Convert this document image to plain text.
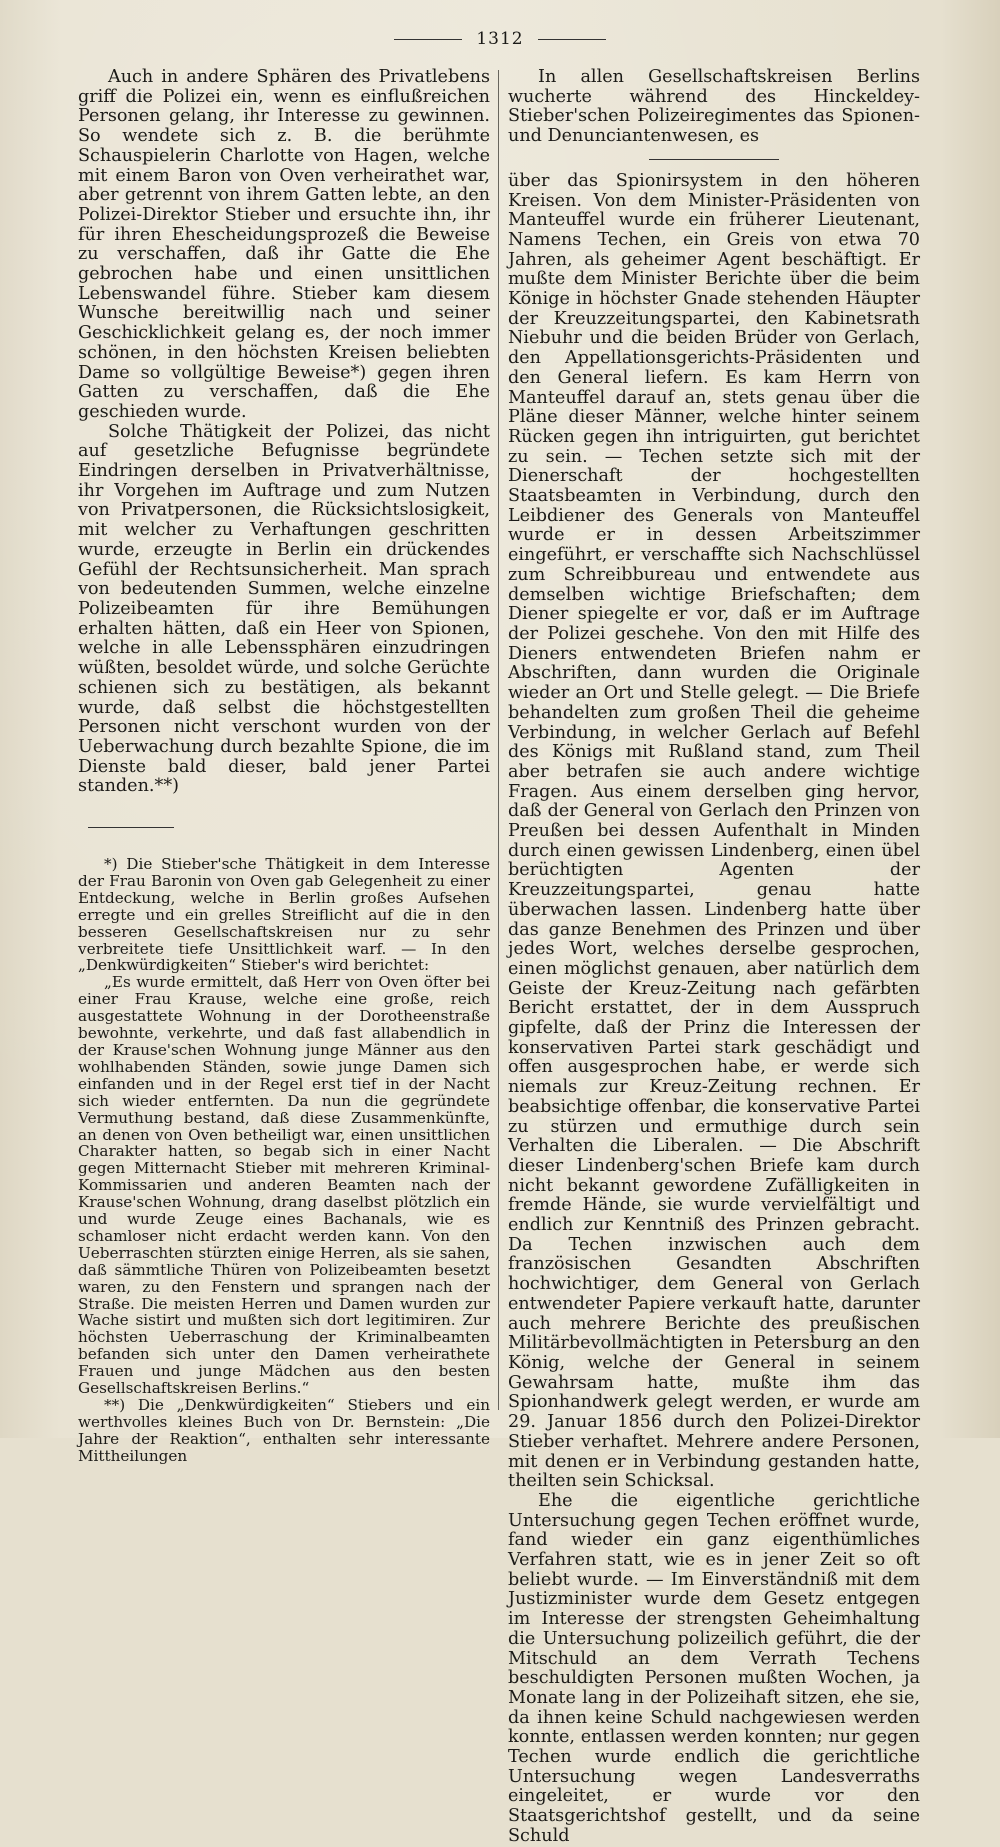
1312

Auch in andere Sphären des Privatlebens griff die Polizei ein, wenn es einflußreichen Personen gelang, ihr Interesse zu gewinnen. So wendete sich z. B. die berühmte Schauspielerin Charlotte von Hagen, welche mit einem Baron von Oven verheirathet war, aber getrennt von ihrem Gatten lebte, an den Polizei-Direktor Stieber und ersuchte ihn, ihr für ihren Ehescheidungsprozeß die Beweise zu verschaffen, daß ihr Gatte die Ehe gebrochen habe und einen unsittlichen Lebenswandel führe. Stieber kam diesem Wunsche bereitwillig nach und seiner Geschicklichkeit gelang es, der noch immer schönen, in den höchsten Kreisen beliebten Dame so vollgültige Beweise*) gegen ihren Gatten zu verschaffen, daß die Ehe geschieden wurde.

Solche Thätigkeit der Polizei, das nicht auf gesetzliche Befugnisse begründete Eindringen derselben in Privatverhältnisse, ihr Vorgehen im Auftrage und zum Nutzen von Privatpersonen, die Rücksichtslosigkeit, mit welcher zu Verhaftungen geschritten wurde, erzeugte in Berlin ein drückendes Gefühl der Rechtsunsicherheit. Man sprach von bedeutenden Summen, welche einzelne Polizeibeamten für ihre Bemühungen erhalten hätten, daß ein Heer von Spionen, welche in alle Lebenssphären einzudringen wüßten, besoldet würde, und solche Gerüchte schienen sich zu bestätigen, als bekannt wurde, daß selbst die höchstgestellten Personen nicht verschont wurden von der Ueberwachung durch bezahlte Spione, die im Dienste bald dieser, bald jener Partei standen.**)

*) Die Stieber'sche Thätigkeit in dem Interesse der Frau Baronin von Oven gab Gelegenheit zu einer Entdeckung, welche in Berlin großes Aufsehen erregte und ein grelles Streiflicht auf die in den besseren Gesellschaftskreisen nur zu sehr verbreitete tiefe Unsittlichkeit warf. — In den „Denkwürdigkeiten“ Stieber's wird berichtet:

„Es wurde ermittelt, daß Herr von Oven öfter bei einer Frau Krause, welche eine große, reich ausgestattete Wohnung in der Dorotheenstraße bewohnte, verkehrte, und daß fast allabendlich in der Krause'schen Wohnung junge Männer aus den wohlhabenden Ständen, sowie junge Damen sich einfanden und in der Regel erst tief in der Nacht sich wieder entfernten. Da nun die gegründete Vermuthung bestand, daß diese Zusammenkünfte, an denen von Oven betheiligt war, einen unsittlichen Charakter hatten, so begab sich in einer Nacht gegen Mitternacht Stieber mit mehreren Kriminal-Kommissarien und anderen Beamten nach der Krause'schen Wohnung, drang daselbst plötzlich ein und wurde Zeuge eines Bachanals, wie es schamloser nicht erdacht werden kann. Von den Ueberraschten stürzten einige Herren, als sie sahen, daß sämmtliche Thüren von Polizeibeamten besetzt waren, zu den Fenstern und sprangen nach der Straße. Die meisten Herren und Damen wurden zur Wache sistirt und mußten sich dort legitimiren. Zur höchsten Ueberraschung der Kriminalbeamten befanden sich unter den Damen verheirathete Frauen und junge Mädchen aus den besten Gesellschaftskreisen Berlins.“

**) Die „Denkwürdigkeiten“ Stiebers und ein werthvolles kleines Buch von Dr. Bernstein: „Die Jahre der Reaktion“, enthalten sehr interessante Mittheilungen

In allen Gesellschaftskreisen Berlins wucherte während des Hinckeldey-Stieber'schen Polizeiregimentes das Spionen- und Denunciantenwesen, es

über das Spionirsystem in den höheren Kreisen. Von dem Minister-Präsidenten von Manteuffel wurde ein früherer Lieutenant, Namens Techen, ein Greis von etwa 70 Jahren, als geheimer Agent beschäftigt. Er mußte dem Minister Berichte über die beim Könige in höchster Gnade stehenden Häupter der Kreuzzeitungspartei, den Kabinetsrath Niebuhr und die beiden Brüder von Gerlach, den Appellationsgerichts-Präsidenten und den General liefern. Es kam Herrn von Manteuffel darauf an, stets genau über die Pläne dieser Männer, welche hinter seinem Rücken gegen ihn intriguirten, gut berichtet zu sein. — Techen setzte sich mit der Dienerschaft der hochgestellten Staatsbeamten in Verbindung, durch den Leibdiener des Generals von Manteuffel wurde er in dessen Arbeitszimmer eingeführt, er verschaffte sich Nachschlüssel zum Schreibbureau und entwendete aus demselben wichtige Briefschaften; dem Diener spiegelte er vor, daß er im Auftrage der Polizei geschehe. Von den mit Hilfe des Dieners entwendeten Briefen nahm er Abschriften, dann wurden die Originale wieder an Ort und Stelle gelegt. — Die Briefe behandelten zum großen Theil die geheime Verbindung, in welcher Gerlach auf Befehl des Königs mit Rußland stand, zum Theil aber betrafen sie auch andere wichtige Fragen. Aus einem derselben ging hervor, daß der General von Gerlach den Prinzen von Preußen bei dessen Aufenthalt in Minden durch einen gewissen Lindenberg, einen übel berüchtigten Agenten der Kreuzzeitungspartei, genau hatte überwachen lassen. Lindenberg hatte über das ganze Benehmen des Prinzen und über jedes Wort, welches derselbe gesprochen, einen möglichst genauen, aber natürlich dem Geiste der Kreuz-Zeitung nach gefärbten Bericht erstattet, der in dem Ausspruch gipfelte, daß der Prinz die Interessen der konservativen Partei stark geschädigt und offen ausgesprochen habe, er werde sich niemals zur Kreuz-Zeitung rechnen. Er beabsichtige offenbar, die konservative Partei zu stürzen und ermuthige durch sein Verhalten die Liberalen. — Die Abschrift dieser Lindenberg'schen Briefe kam durch nicht bekannt gewordene Zufälligkeiten in fremde Hände, sie wurde vervielfältigt und endlich zur Kenntniß des Prinzen gebracht. Da Techen inzwischen auch dem französischen Gesandten Abschriften hochwichtiger, dem General von Gerlach entwendeter Papiere verkauft hatte, darunter auch mehrere Berichte des preußischen Militärbevollmächtigten in Petersburg an den König, welche der General in seinem Gewahrsam hatte, mußte ihm das Spionhandwerk gelegt werden, er wurde am 29. Januar 1856 durch den Polizei-Direktor Stieber verhaftet. Mehrere andere Personen, mit denen er in Verbindung gestanden hatte, theilten sein Schicksal.

Ehe die eigentliche gerichtliche Untersuchung gegen Techen eröffnet wurde, fand wieder ein ganz eigenthümliches Verfahren statt, wie es in jener Zeit so oft beliebt wurde. — Im Einverständniß mit dem Justizminister wurde dem Gesetz entgegen im Interesse der strengsten Geheimhaltung die Untersuchung polizeilich geführt, die der Mitschuld an dem Verrath Techens beschuldigten Personen mußten Wochen, ja Monate lang in der Polizeihaft sitzen, ehe sie, da ihnen keine Schuld nachgewiesen werden konnte, entlassen werden konnten; nur gegen Techen wurde endlich die gerichtliche Untersuchung wegen Landesverraths eingeleitet, er wurde vor den Staatsgerichtshof gestellt, und da seine Schuld
